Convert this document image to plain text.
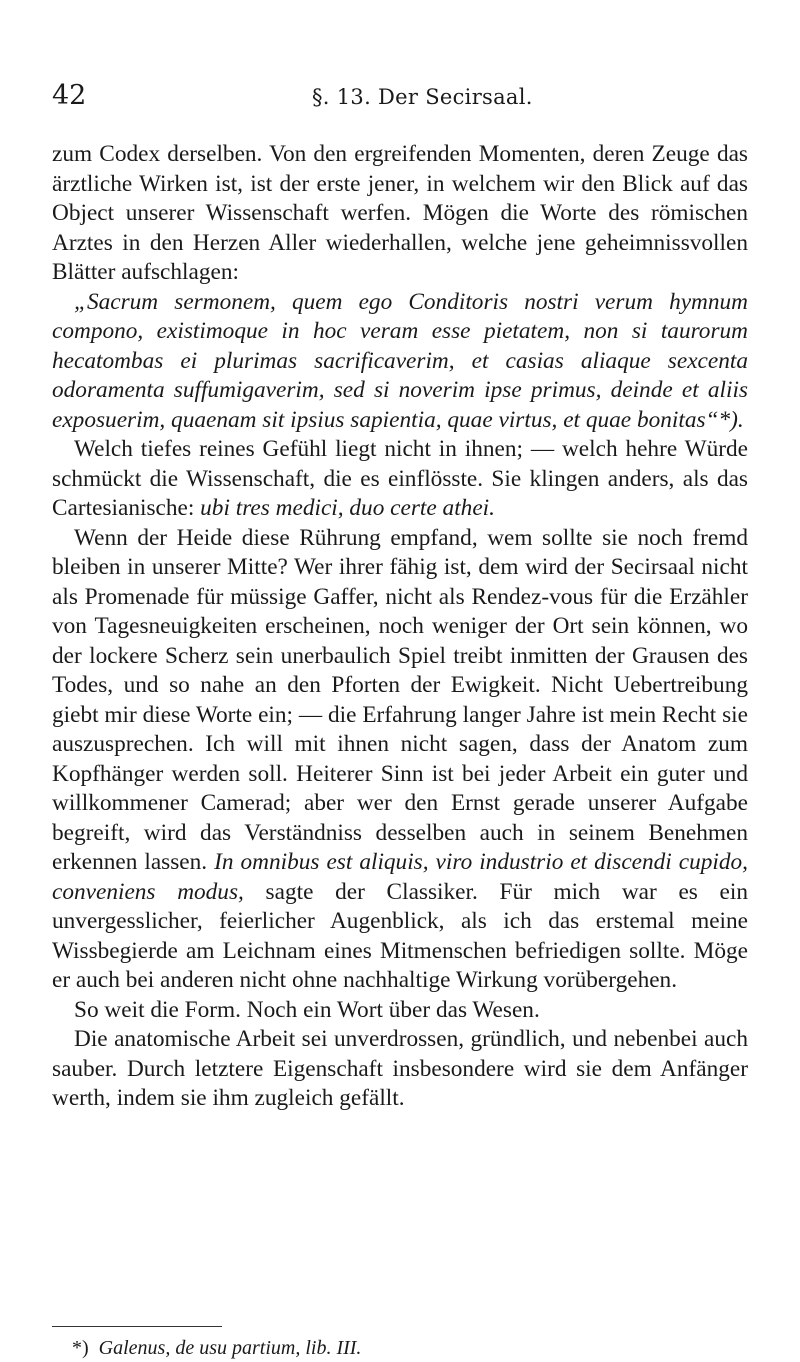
42	§. 13. Der Secirsaal.

zum Codex derselben. Von den ergreifenden Momenten, deren Zeuge das ärztliche Wirken ist, ist der erste jener, in welchem wir den Blick auf das Object unserer Wissenschaft werfen. Mögen die Worte des römischen Arztes in den Herzen Aller wiederhallen, welche jene geheimnissvollen Blätter aufschlagen:

„Sacrum sermonem, quem ego Conditoris nostri verum hymnum compono, existimoque in hoc veram esse pietatem, non si taurorum hecatombas ei plurimas sacrificaverim, et casias aliaque sexcenta odoramenta suffumigaverim, sed si noverim ipse primus, deinde et aliis exposuerim, quaenam sit ipsius sapientia, quae virtus, et quae bonitas“*).

Welch tiefes reines Gefühl liegt nicht in ihnen; — welch hehre Würde schmückt die Wissenschaft, die es einflösste. Sie klingen anders, als das Cartesianische: ubi tres medici, duo certe athei.

Wenn der Heide diese Rührung empfand, wem sollte sie noch fremd bleiben in unserer Mitte? Wer ihrer fähig ist, dem wird der Secirsaal nicht als Promenade für müssige Gaffer, nicht als Rendez-vous für die Erzähler von Tagesneuigkeiten erscheinen, noch weniger der Ort sein können, wo der lockere Scherz sein unerbaulich Spiel treibt inmitten der Grausen des Todes, und so nahe an den Pforten der Ewigkeit. Nicht Uebertreibung giebt mir diese Worte ein; — die Erfahrung langer Jahre ist mein Recht sie auszusprechen. Ich will mit ihnen nicht sagen, dass der Anatom zum Kopfhänger werden soll. Heiterer Sinn ist bei jeder Arbeit ein guter und willkommener Camerad; aber wer den Ernst gerade unserer Aufgabe begreift, wird das Verständniss desselben auch in seinem Benehmen erkennen lassen. In omnibus est aliquis, viro industrio et discendi cupido, conveniens modus, sagte der Classiker. Für mich war es ein unvergesslicher, feierlicher Augenblick, als ich das erstemal meine Wissbegierde am Leichnam eines Mitmenschen befriedigen sollte. Möge er auch bei anderen nicht ohne nachhaltige Wirkung vorübergehen.

So weit die Form. Noch ein Wort über das Wesen.

Die anatomische Arbeit sei unverdrossen, gründlich, und nebenbei auch sauber. Durch letztere Eigenschaft insbesondere wird sie dem Anfänger werth, indem sie ihm zugleich gefällt.

*) Galenus, de usu partium, lib. III.
